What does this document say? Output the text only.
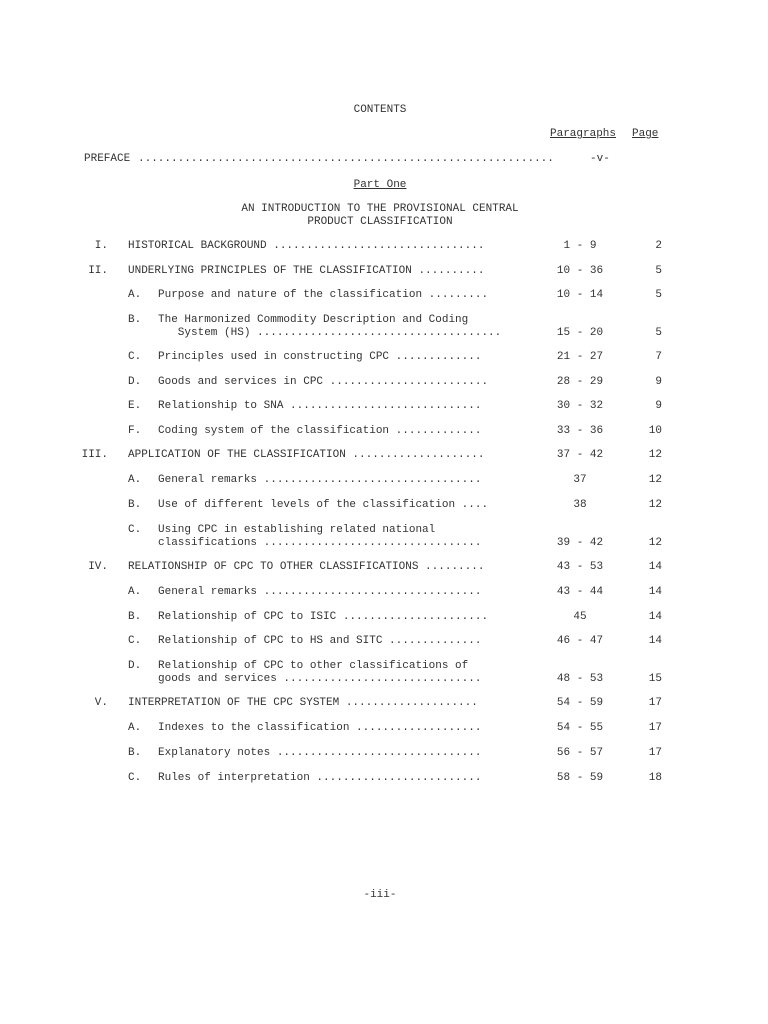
CONTENTS
Paragraphs Page
PREFACE ...............................................................	-v-
Part One
AN INTRODUCTION TO THE PROVISIONAL CENTRAL
PRODUCT CLASSIFICATION
I. HISTORICAL BACKGROUND ................................	1 - 9	2
II. UNDERLYING PRINCIPLES OF THE CLASSIFICATION ..........	10 - 36	5
A. Purpose and nature of the classification .........	10 - 14	5
B. The Harmonized Commodity Description and Coding
System (HS) .....................................	15 - 20	5
C. Principles used in constructing CPC .............	21 - 27	7
D. Goods and services in CPC ........................	28 - 29	9
E. Relationship to SNA .............................	30 - 32	9
F. Coding system of the classification .............	33 - 36	10
III. APPLICATION OF THE CLASSIFICATION ....................	37 - 42	12
A. General remarks .................................	37	12
B. Use of different levels of the classification ....	38	12
C. Using CPC in establishing related national
classifications .................................	39 - 42	12
IV. RELATIONSHIP OF CPC TO OTHER CLASSIFICATIONS .........	43 - 53	14
A. General remarks .................................	43 - 44	14
B. Relationship of CPC to ISIC ......................	45	14
C. Relationship of CPC to HS and SITC ..............	46 - 47	14
D. Relationship of CPC to other classifications of
goods and services ..............................	48 - 53	15
V. INTERPRETATION OF THE CPC SYSTEM ....................	54 - 59	17
A. Indexes to the classification ...................	54 - 55	17
B. Explanatory notes ...............................	56 - 57	17
C. Rules of interpretation .........................	58 - 59	18
-iii-
